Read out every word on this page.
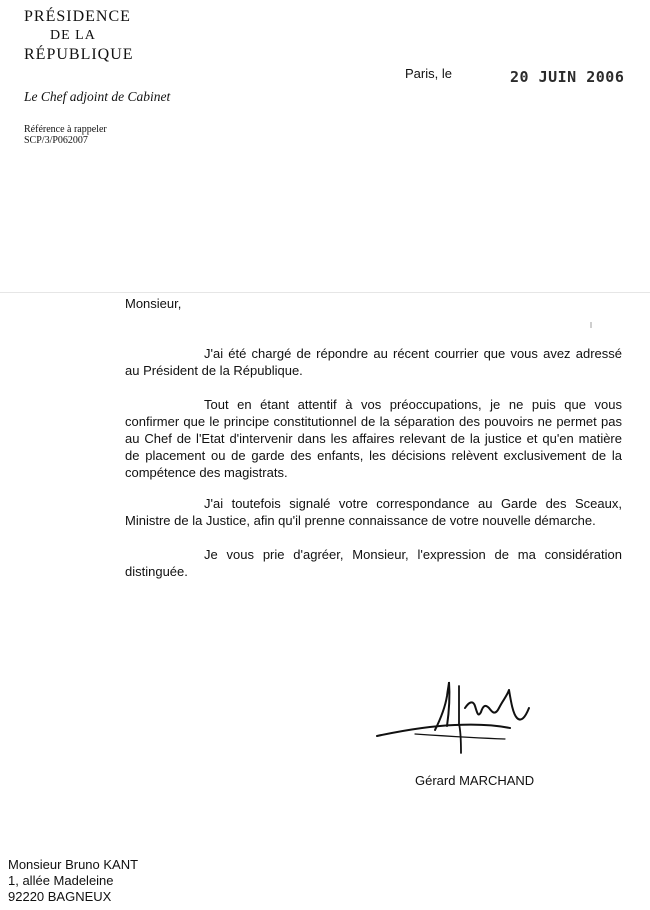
PRÉSIDENCE
DE LA
RÉPUBLIQUE
Le Chef adjoint de Cabinet
Référence à rappeler
SCP/3/P062007
Paris, le	20 JUIN 2006
Monsieur,

J'ai été chargé de répondre au récent courrier que vous avez adressé au Président de la République.

Tout en étant attentif à vos préoccupations, je ne puis que vous confirmer que le principe constitutionnel de la séparation des pouvoirs ne permet pas au Chef de l'Etat d'intervenir dans les affaires relevant de la justice et qu'en matière de placement ou de garde des enfants, les décisions relèvent exclusivement de la compétence des magistrats.

J'ai toutefois signalé votre correspondance au Garde des Sceaux, Ministre de la Justice, afin qu'il prenne connaissance de votre nouvelle démarche.

Je vous prie d'agréer, Monsieur, l'expression de ma considération distinguée.

Gérard MARCHAND
Monsieur Bruno KANT
1, allée Madeleine
92220 BAGNEUX
